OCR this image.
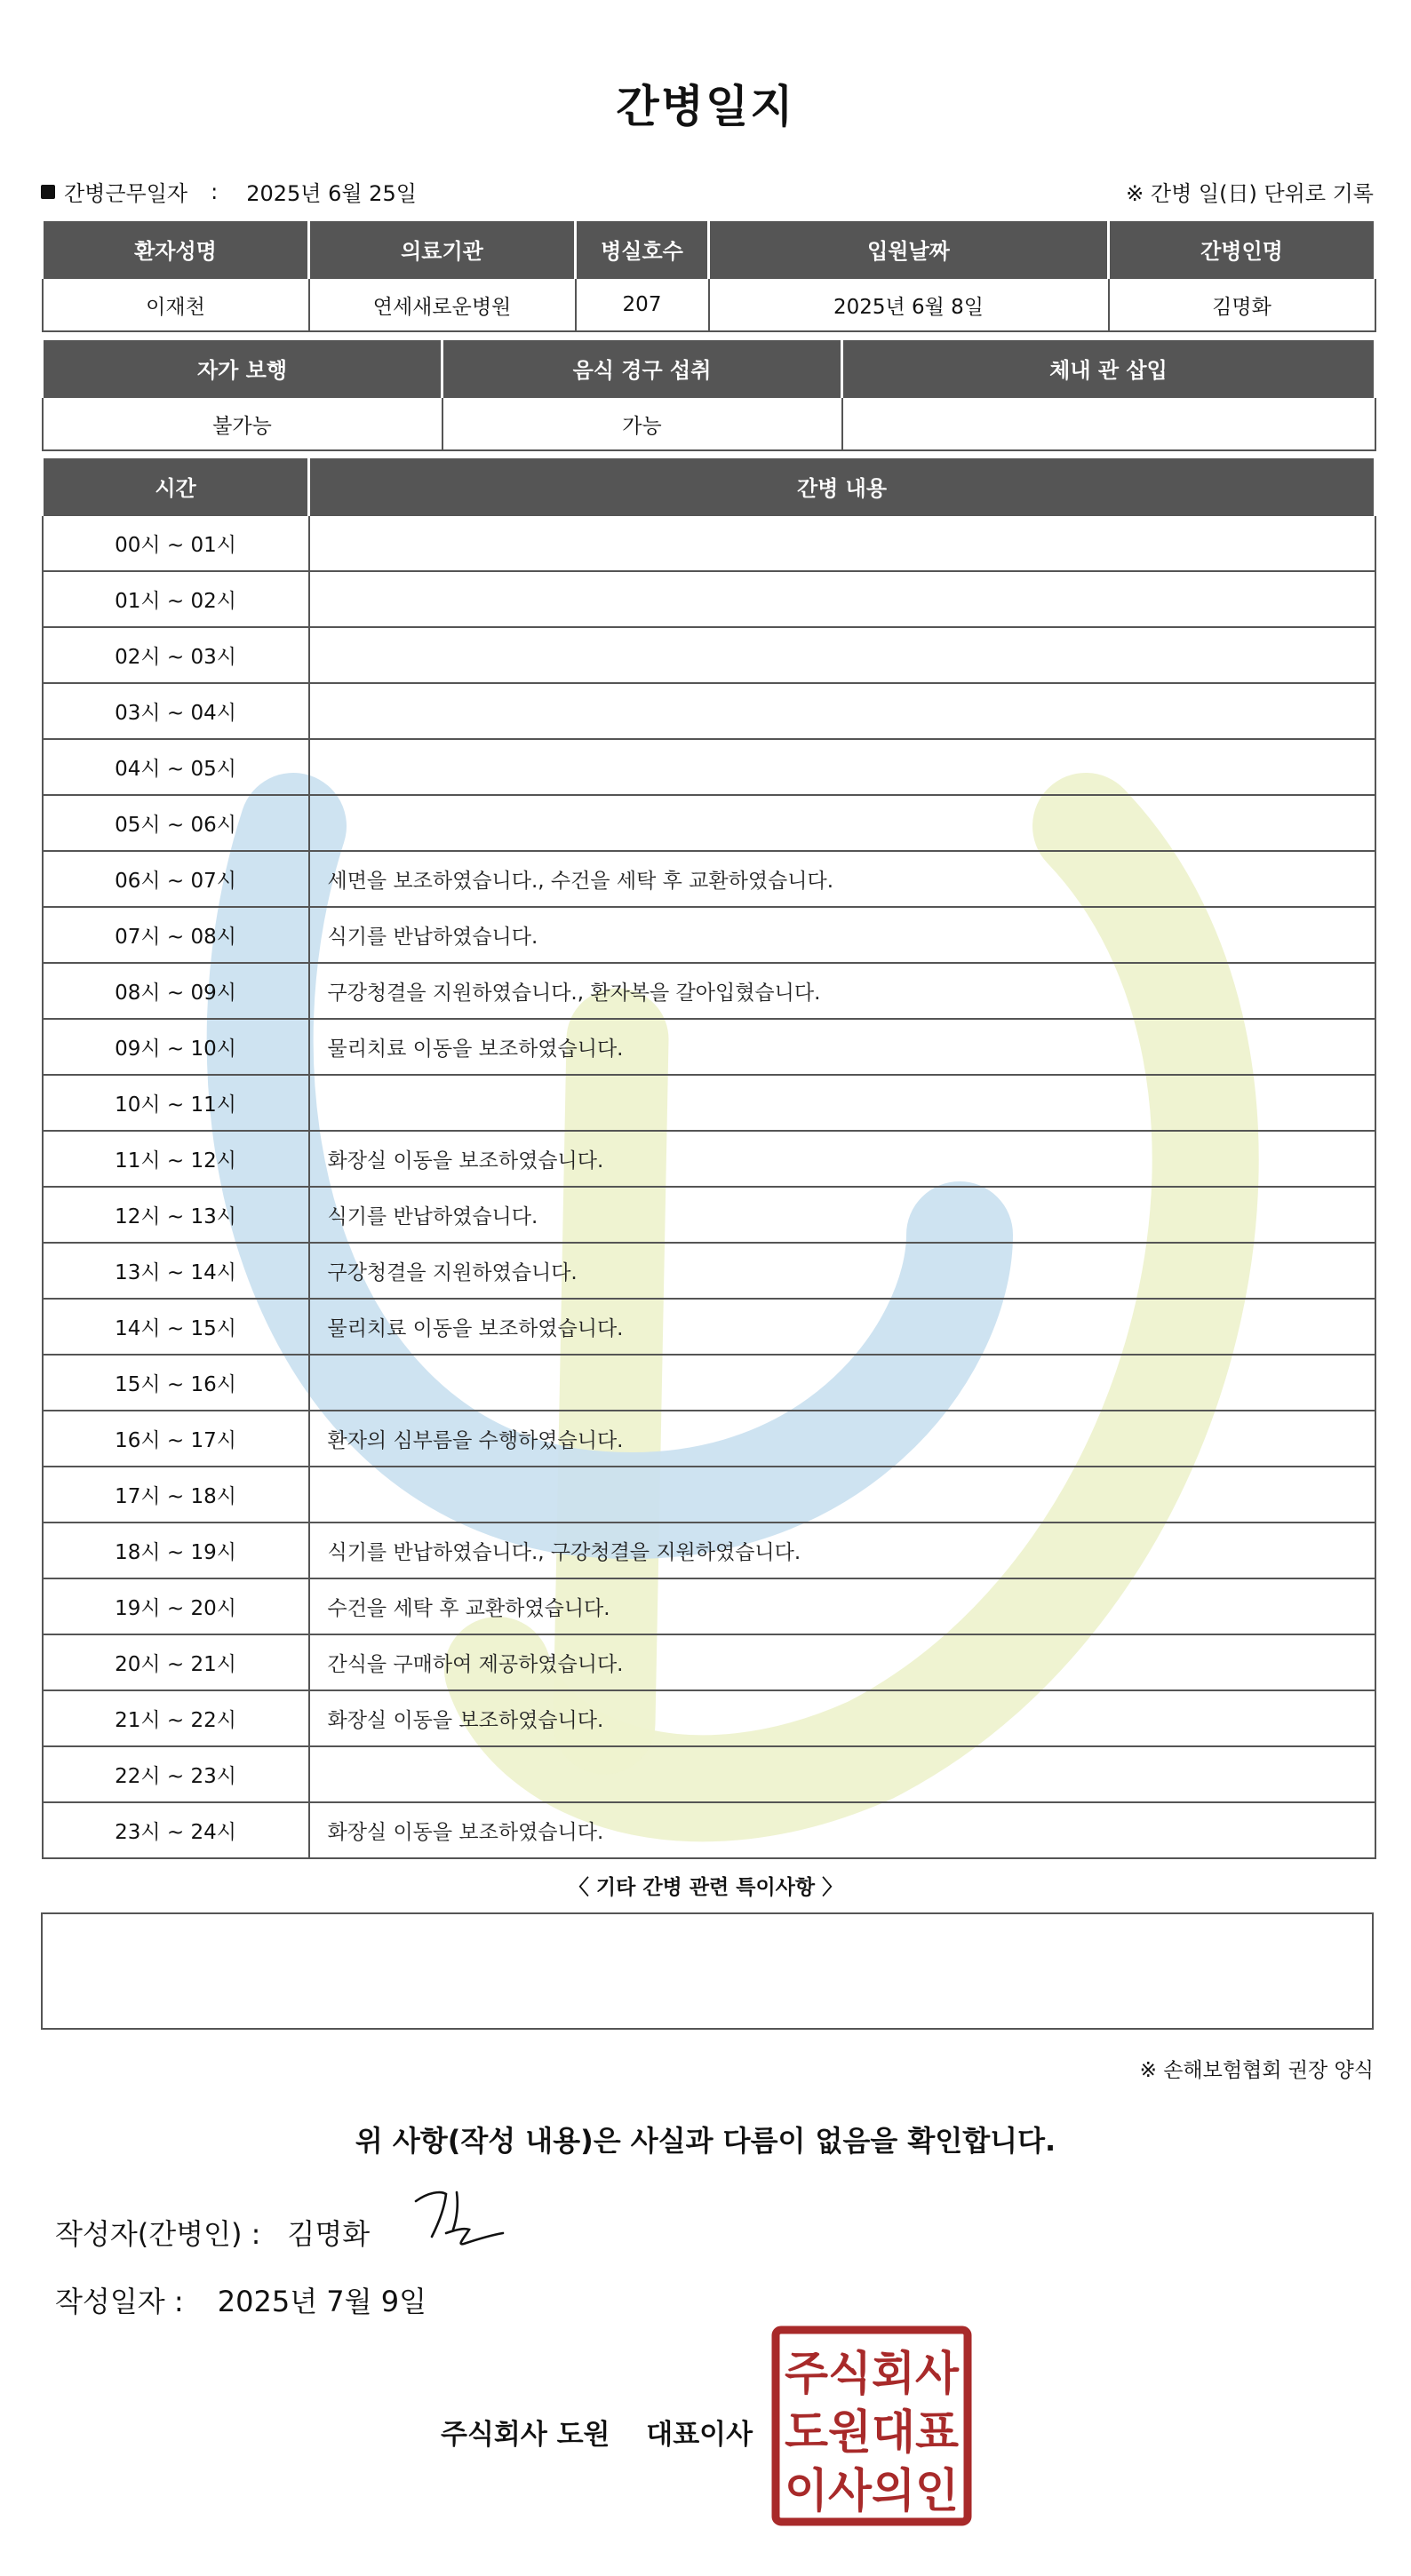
간병일지
간병근무일자 : 2025년 6월 25일	※ 간병 일(日) 단위로 기록
환자성명	의료기관	병실호수	입원날짜	간병인명
이재천	연세새로운병원	207	2025년 6월 8일	김명화
자가 보행	음식 경구 섭취	체내 관 삽입
불가능	가능	
시간	간병 내용
00시 ~ 01시	
01시 ~ 02시	
02시 ~ 03시	
03시 ~ 04시	
04시 ~ 05시	
05시 ~ 06시	
06시 ~ 07시	세면을 보조하였습니다., 수건을 세탁 후 교환하였습니다.
07시 ~ 08시	식기를 반납하였습니다.
08시 ~ 09시	구강청결을 지원하였습니다., 환자복을 갈아입혔습니다.
09시 ~ 10시	물리치료 이동을 보조하였습니다.
10시 ~ 11시	
11시 ~ 12시	화장실 이동을 보조하였습니다.
12시 ~ 13시	식기를 반납하였습니다.
13시 ~ 14시	구강청결을 지원하였습니다.
14시 ~ 15시	물리치료 이동을 보조하였습니다.
15시 ~ 16시	
16시 ~ 17시	환자의 심부름을 수행하였습니다.
17시 ~ 18시	
18시 ~ 19시	식기를 반납하였습니다., 구강청결을 지원하였습니다.
19시 ~ 20시	수건을 세탁 후 교환하였습니다.
20시 ~ 21시	간식을 구매하여 제공하였습니다.
21시 ~ 22시	화장실 이동을 보조하였습니다.
22시 ~ 23시	
23시 ~ 24시	화장실 이동을 보조하였습니다.
〈 기타 간병 관련 특이사항 〉
※ 손해보험협회 권장 양식
위 사항(작성 내용)은 사실과 다름이 없음을 확인합니다.
작성자(간병인) : 김명화
작성일자 : 2025년 7월 9일
주식회사 도원 대표이사
주식회사
도원대표
이사의인
